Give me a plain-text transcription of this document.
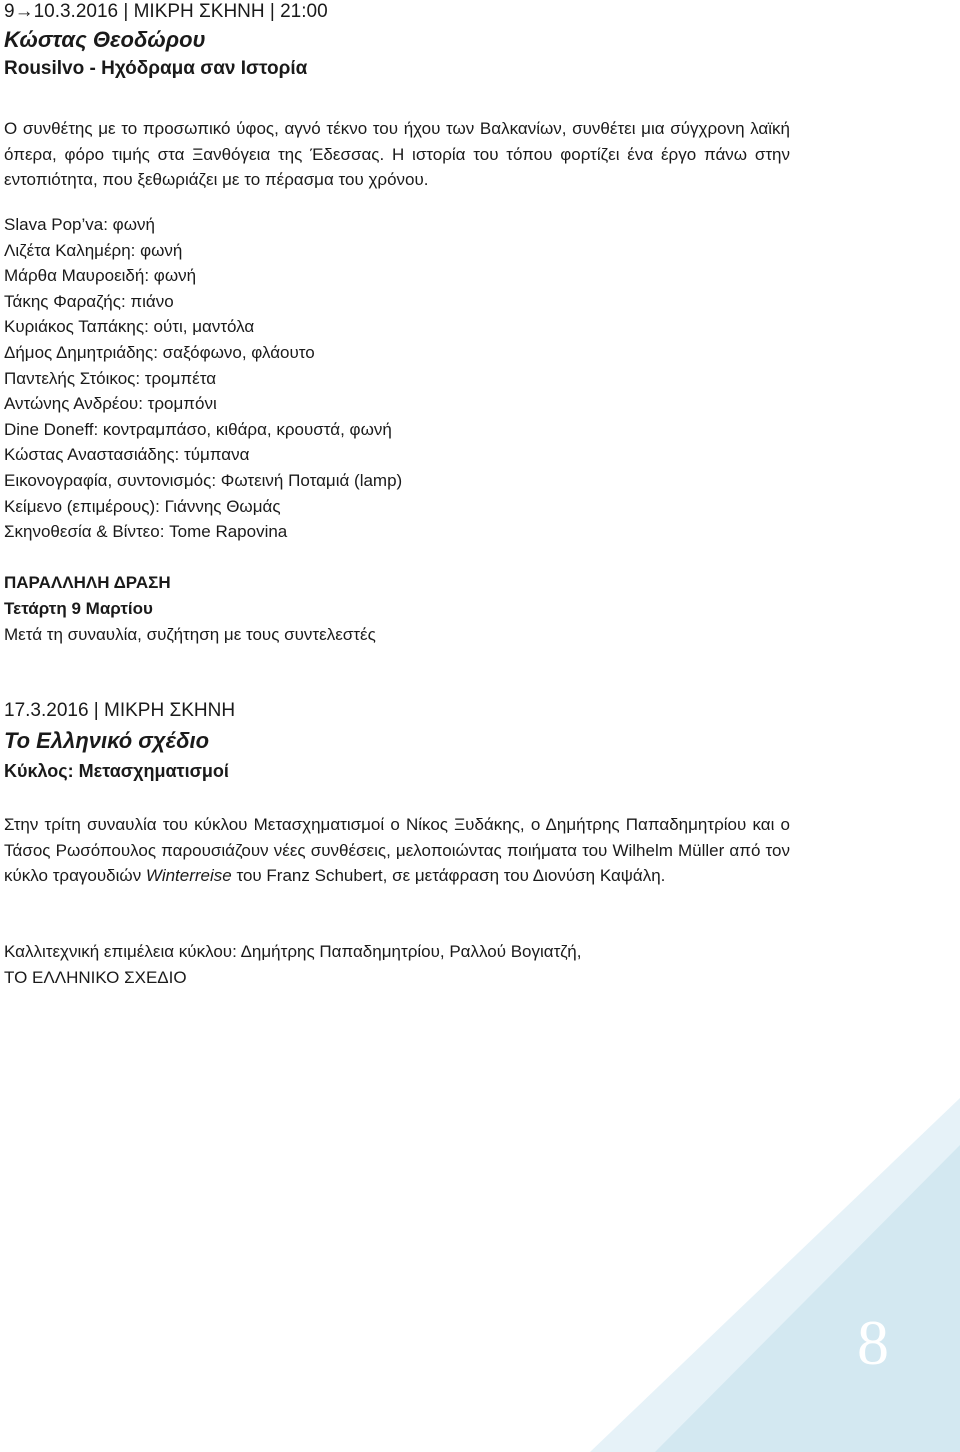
8
9→10.3.2016 | ΜΙΚΡΗ ΣΚΗΝΗ | 21:00
Κώστας Θεοδώρου
Rousilvo - Ηχόδραμα σαν Ιστορία
Ο συνθέτης με το προσωπικό ύφος, αγνό τέκνο του ήχου των Βαλκανίων, συνθέτει μια σύγχρονη λαϊκή όπερα, φόρο τιμής στα Ξανθόγεια της Έδεσσας. Η ιστορία του τόπου φορτίζει ένα έργο πάνω στην εντοπιότητα, που ξεθωριάζει με το πέρασμα του χρόνου.
Slava Pop’va: φωνή
Λιζέτα Καλημέρη: φωνή
Μάρθα Μαυροειδή: φωνή
Τάκης Φαραζής: πιάνο
Κυριάκος Ταπάκης: ούτι, μαντόλα
Δήμος Δημητριάδης: σαξόφωνο, φλάουτο
Παντελής Στόικος: τρομπέτα
Αντώνης Ανδρέου: τρομπόνι
Dine Doneff: κοντραμπάσο, κιθάρα, κρουστά, φωνή
Κώστας Αναστασιάδης: τύμπανα
Εικονογραφία, συντονισμός: Φωτεινή Ποταμιά (lamp)
Κείμενο (επιμέρους): Γιάννης Θωμάς
Σκηνοθεσία & Βίντεο: Tome Rapovina
ΠΑΡΑΛΛΗΛΗ ΔΡΑΣΗ
Τετάρτη 9 Μαρτίου
Μετά τη συναυλία, συζήτηση με τους συντελεστές
17.3.2016 | ΜΙΚΡΗ ΣΚΗΝΗ
Το Ελληνικό σχέδιο
Κύκλος: Μετασχηματισμοί
Στην τρίτη συναυλία του κύκλου Μετασχηματισμοί ο Νίκος Ξυδάκης, ο Δημήτρης Παπαδημητρίου και ο Τάσος Ρωσόπουλος παρουσιάζουν νέες συνθέσεις, μελοποιώντας ποιήματα του Wilhelm Müller από τον κύκλο τραγουδιών Winterreise του Franz Schubert, σε μετάφραση του Διονύση Καψάλη.
Καλλιτεχνική επιμέλεια κύκλου: Δημήτρης Παπαδημητρίου, Ραλλού Βογιατζή,
ΤΟ ΕΛΛΗΝΙΚΟ ΣΧΕΔΙΟ
